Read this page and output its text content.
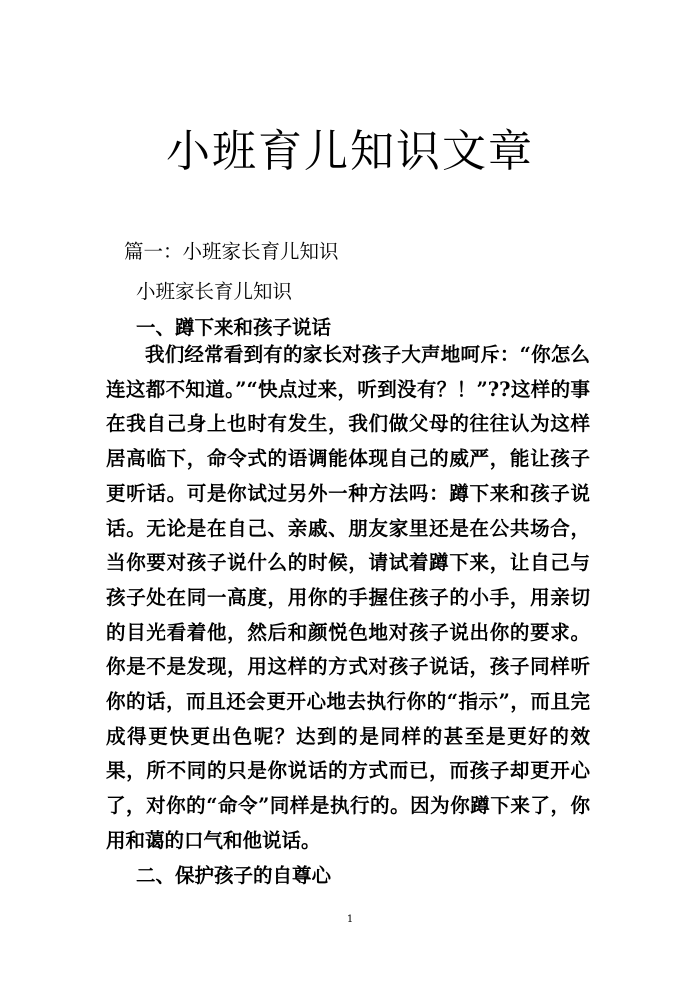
小班育儿知识文章

篇一：小班家长育儿知识

小班家长育儿知识

一、蹲下来和孩子说话

我们经常看到有的家长对孩子大声地呵斥：“你怎么连这都不知道。”“快点过来，听到没有？！”??这样的事在我自己身上也时有发生，我们做父母的往往认为这样居高临下，命令式的语调能体现自己的威严，能让孩子更听话。可是你试过另外一种方法吗：蹲下来和孩子说话。无论是在自己、亲戚、朋友家里还是在公共场合，当你要对孩子说什么的时候，请试着蹲下来，让自己与孩子处在同一高度，用你的手握住孩子的小手，用亲切的目光看着他，然后和颜悦色地对孩子说出你的要求。你是不是发现，用这样的方式对孩子说话，孩子同样听你的话，而且还会更开心地去执行你的“指示”，而且完成得更快更出色呢？达到的是同样的甚至是更好的效果，所不同的只是你说话的方式而已，而孩子却更开心了，对你的“命令”同样是执行的。因为你蹲下来了，你用和蔼的口气和他说话。

二、保护孩子的自尊心

1
